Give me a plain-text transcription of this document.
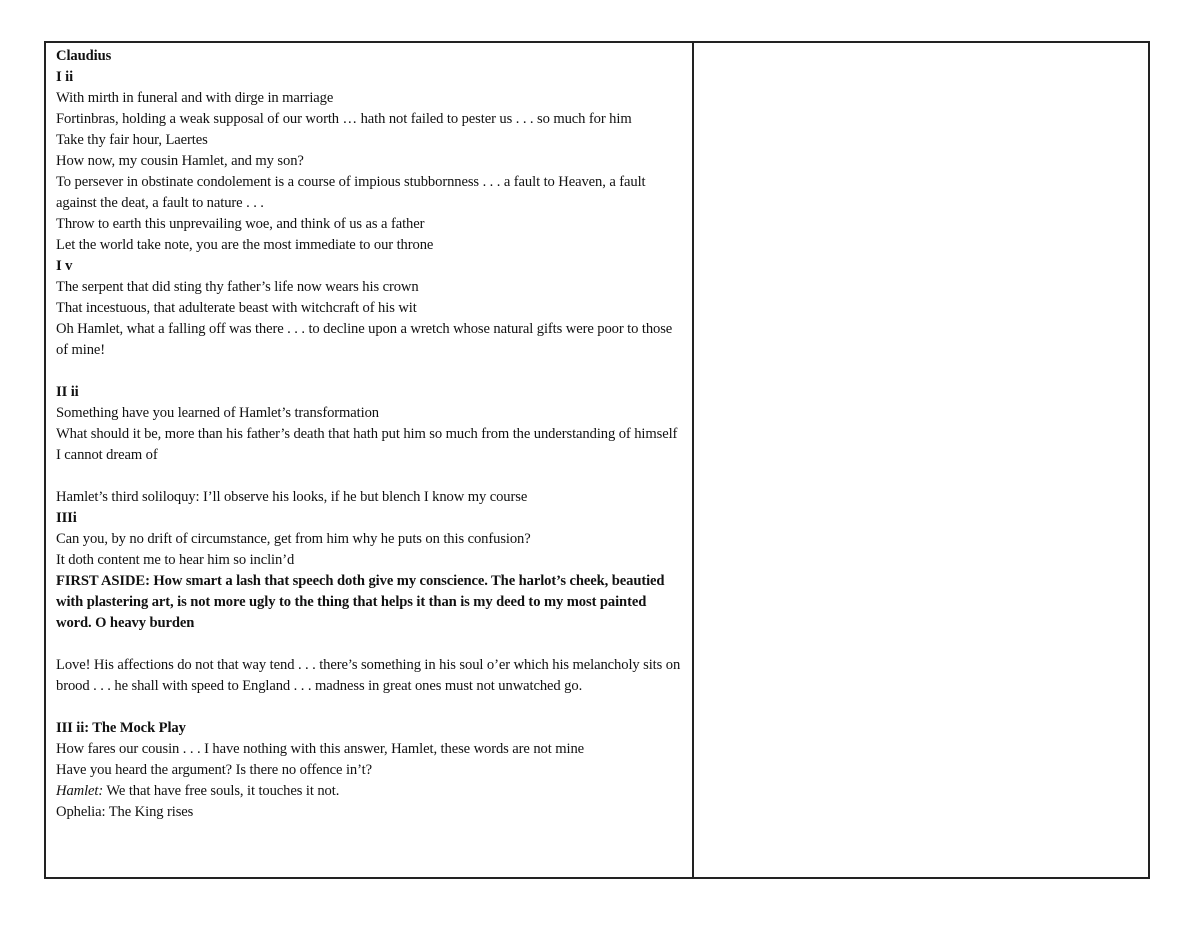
Claudius

I ii

With mirth in funeral and with dirge in marriage

Fortinbras, holding a weak supposal of our worth … hath not failed to pester us . . . so much for him

Take thy fair hour, Laertes

How now, my cousin Hamlet, and my son?

To persever in obstinate condolement is a course of impious stubbornness . . . a fault to Heaven, a fault against the deat, a fault to nature . . .

Throw to earth this unprevailing woe, and think of us as a father

Let the world take note, you are the most immediate to our throne

I v

The serpent that did sting thy father’s life now wears his crown

That incestuous, that adulterate beast with witchcraft of his wit

Oh Hamlet, what a falling off was there . . . to decline upon a wretch whose natural gifts were poor to those of mine!

II ii

Something have you learned of Hamlet’s transformation

What should it be, more than his father’s death that hath put him so much from the understanding of himself I cannot dream of

Hamlet’s third soliloquy: I’ll observe his looks, if he but blench I know my course

IIIi

Can you, by no drift of circumstance, get from him why he puts on this confusion?

It doth content me to hear him so inclin’d

FIRST ASIDE: How smart a lash that speech doth give my conscience. The harlot’s cheek, beautied with plastering art, is not more ugly to the thing that helps it than is my deed to my most painted word. O heavy burden

Love! His affections do not that way tend . . . there’s something in his soul o’er which his melancholy sits on brood . . . he shall with speed to England . . . madness in great ones must not unwatched go.

III ii: The Mock Play

How fares our cousin . . . I have nothing with this answer, Hamlet, these words are not mine

Have you heard the argument? Is there no offence in’t?

Hamlet: We that have free souls, it touches it not.

Ophelia: The King rises
